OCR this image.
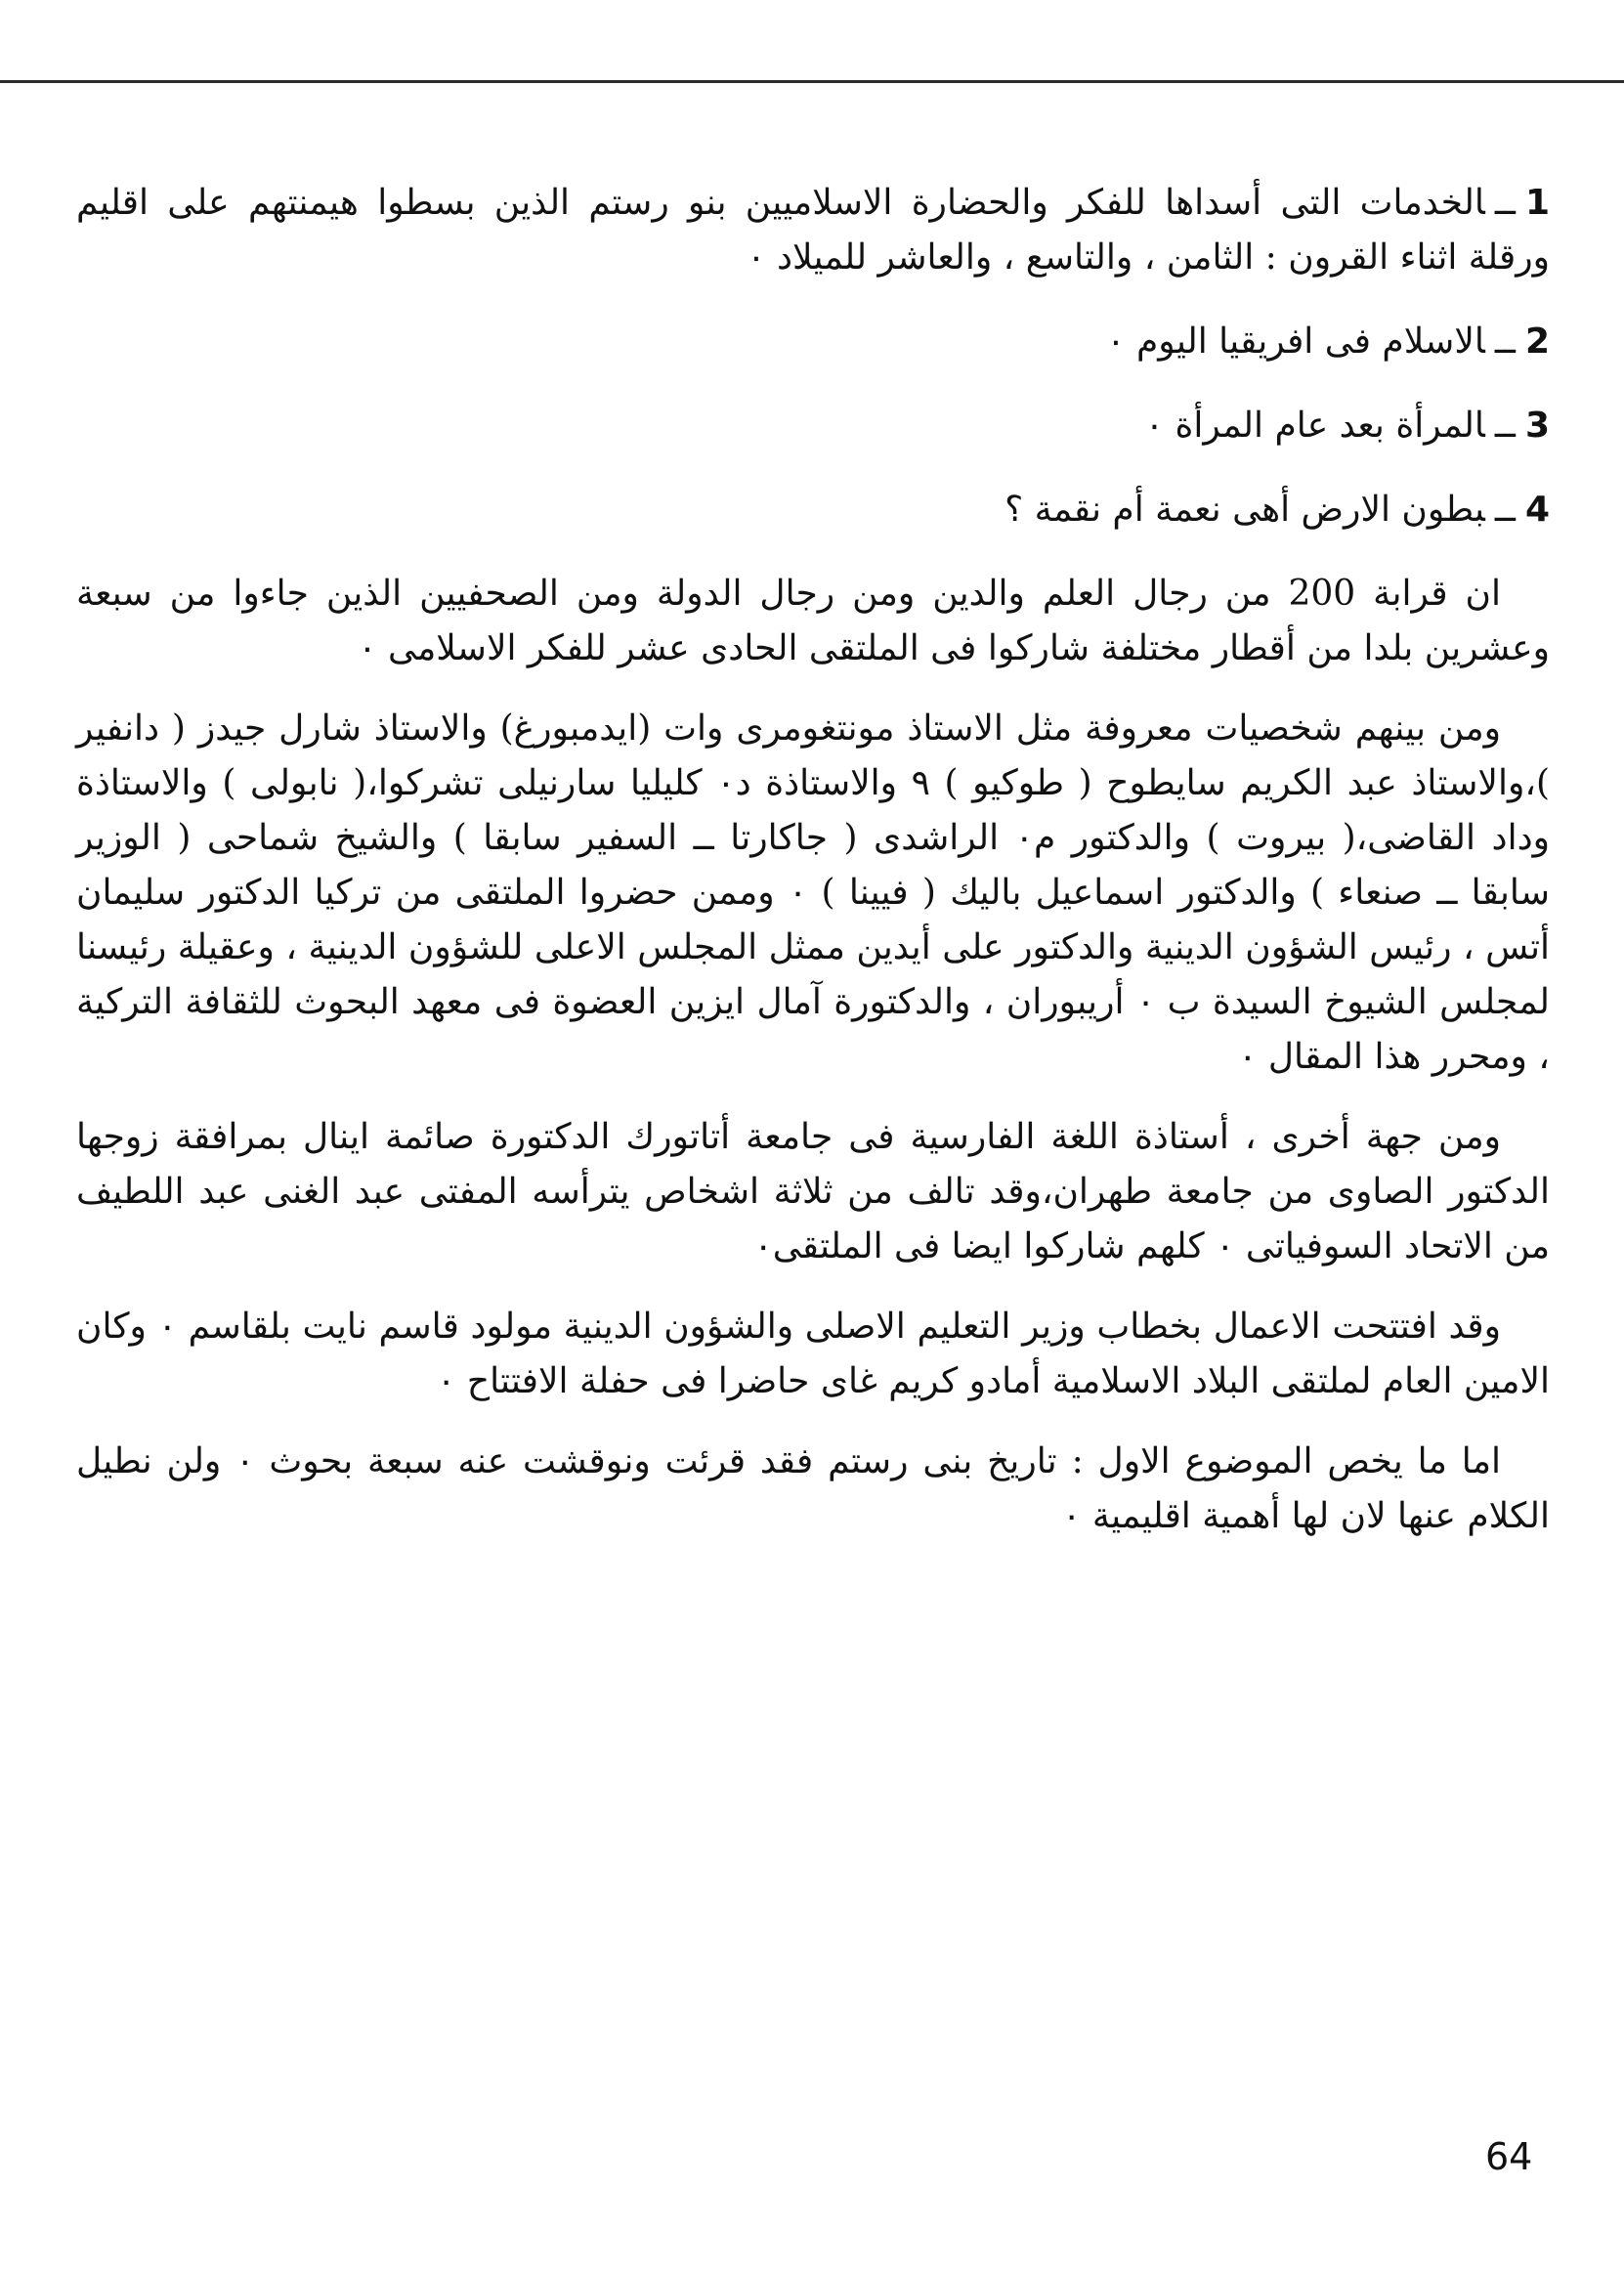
1ــالخدمات التى أسداها للفكر والحضارة الاسلاميين بنو رستم الذين بسطوا هيمنتهم على اقليم ورقلة اثناء القرون : الثامن ، والتاسع ، والعاشر للميلاد ٠
2ــالاسلام فى افريقيا اليوم ٠
3ــالمرأة بعد عام المرأة ٠
4ــبطون الارض أهى نعمة أم نقمة ؟

ان قرابة 200 من رجال العلم والدين ومن رجال الدولة ومن الصحفيين الذين جاءوا من سبعة وعشرين بلدا من أقطار مختلفة شاركوا فى الملتقى الحادى عشر للفكر الاسلامى ٠

ومن بينهم شخصيات معروفة مثل الاستاذ مونتغومرى وات (ايدمبورغ) والاستاذ شارل جيدز ( دانفير )،والاستاذ عبد الكريم سايطوح ( طوكيو ) ٩ والاستاذة د٠ كليليا سارنيلى تشركوا،( نابولى ) والاستاذة وداد القاضى،( بيروت ) والدكتور م٠ الراشدى ( جاكارتا ــ السفير سابقا ) والشيخ شماحى ( الوزير سابقا ــ صنعاء ) والدكتور اسماعيل باليك ( فيينا ) ٠ وممن حضروا الملتقى من تركيا الدكتور سليمان أتس ، رئيس الشؤون الدينية والدكتور على أيدين ممثل المجلس الاعلى للشؤون الدينية ، وعقيلة رئيسنا لمجلس الشيوخ السيدة ب ٠ أريبوران ، والدكتورة آمال ايزين العضوة فى معهد البحوث للثقافة التركية ، ومحرر هذا المقال ٠

ومن جهة أخرى ، أستاذة اللغة الفارسية فى جامعة أتاتورك الدكتورة صائمة اينال بمرافقة زوجها الدكتور الصاوى من جامعة طهران،وقد تالف من ثلاثة اشخاص يترأسه المفتى عبد الغنى عبد اللطيف من الاتحاد السوفياتى ٠ كلهم شاركوا ايضا فى الملتقى٠

وقد افتتحت الاعمال بخطاب وزير التعليم الاصلى والشؤون الدينية مولود قاسم نايت بلقاسم ٠ وكان الامين العام لملتقى البلاد الاسلامية أمادو كريم غاى حاضرا فى حفلة الافتتاح ٠

اما ما يخص الموضوع الاول : تاريخ بنى رستم فقد قرئت ونوقشت عنه سبعة بحوث ٠ ولن نطيل الكلام عنها لان لها أهمية اقليمية ٠

64
